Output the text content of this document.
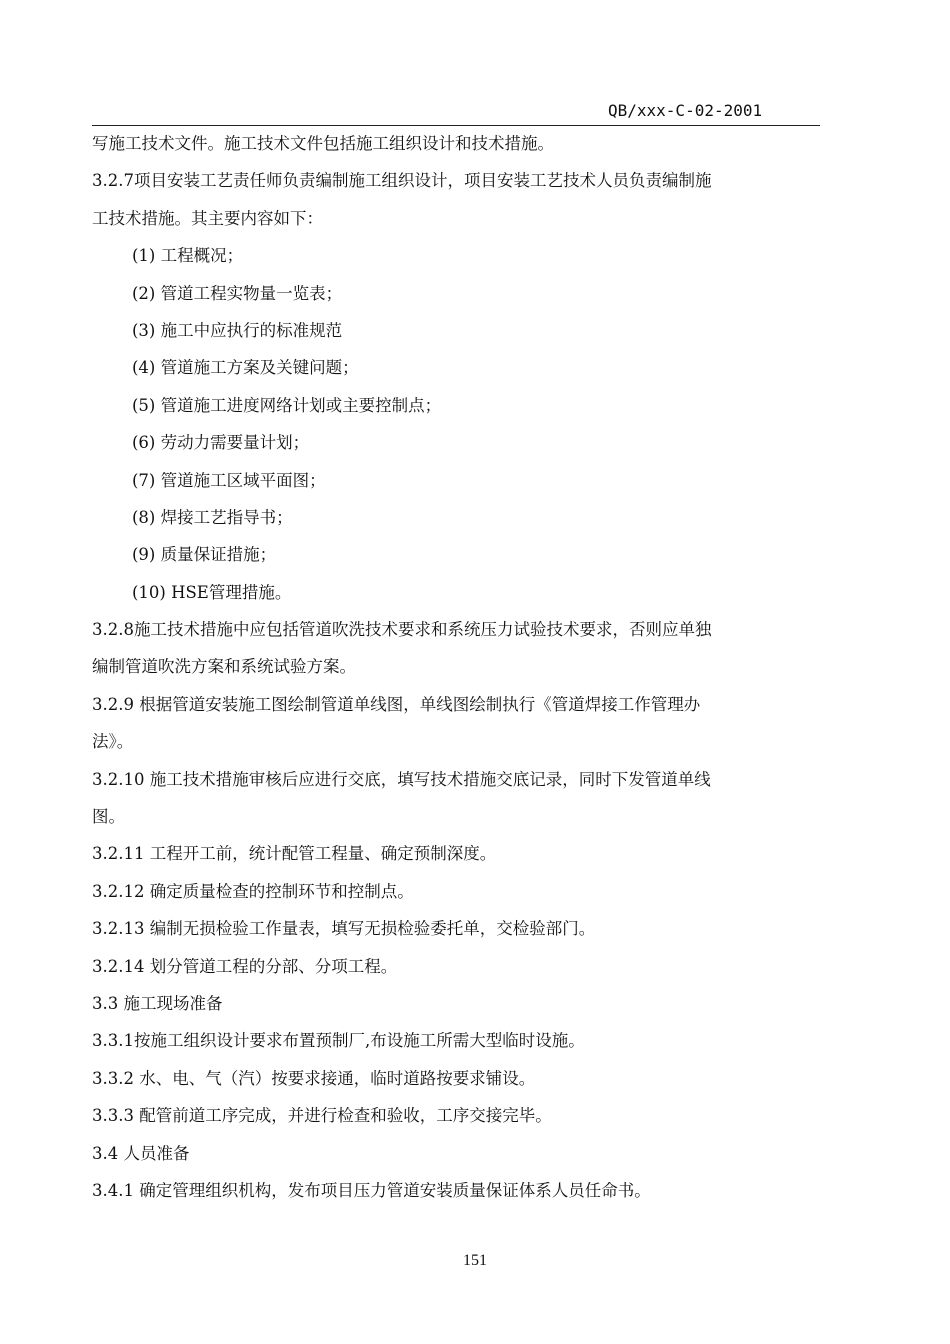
QB/xxx-C-02-2001
写施工技术文件。施工技术文件包括施工组织设计和技术措施。
3.2.7项目安装工艺责任师负责编制施工组织设计，项目安装工艺技术人员负责编制施
工技术措施。其主要内容如下：
(1) 工程概况；
(2) 管道工程实物量一览表；
(3) 施工中应执行的标准规范
(4) 管道施工方案及关键问题；
(5) 管道施工进度网络计划或主要控制点；
(6) 劳动力需要量计划；
(7) 管道施工区域平面图；
(8) 焊接工艺指导书；
(9) 质量保证措施；
(10) HSE管理措施。
3.2.8施工技术措施中应包括管道吹洗技术要求和系统压力试验技术要求，否则应单独
编制管道吹洗方案和系统试验方案。
3.2.9 根据管道安装施工图绘制管道单线图，单线图绘制执行《管道焊接工作管理办
法》。
3.2.10 施工技术措施审核后应进行交底，填写技术措施交底记录，同时下发管道单线
图。
3.2.11 工程开工前，统计配管工程量、确定预制深度。
3.2.12 确定质量检查的控制环节和控制点。
3.2.13 编制无损检验工作量表，填写无损检验委托单，交检验部门。
3.2.14 划分管道工程的分部、分项工程。
3.3 施工现场准备
3.3.1按施工组织设计要求布置预制厂,布设施工所需大型临时设施。
3.3.2 水、电、气（汽）按要求接通，临时道路按要求铺设。
3.3.3 配管前道工序完成，并进行检查和验收，工序交接完毕。
3.4 人员准备
3.4.1 确定管理组织机构，发布项目压力管道安装质量保证体系人员任命书。
151
